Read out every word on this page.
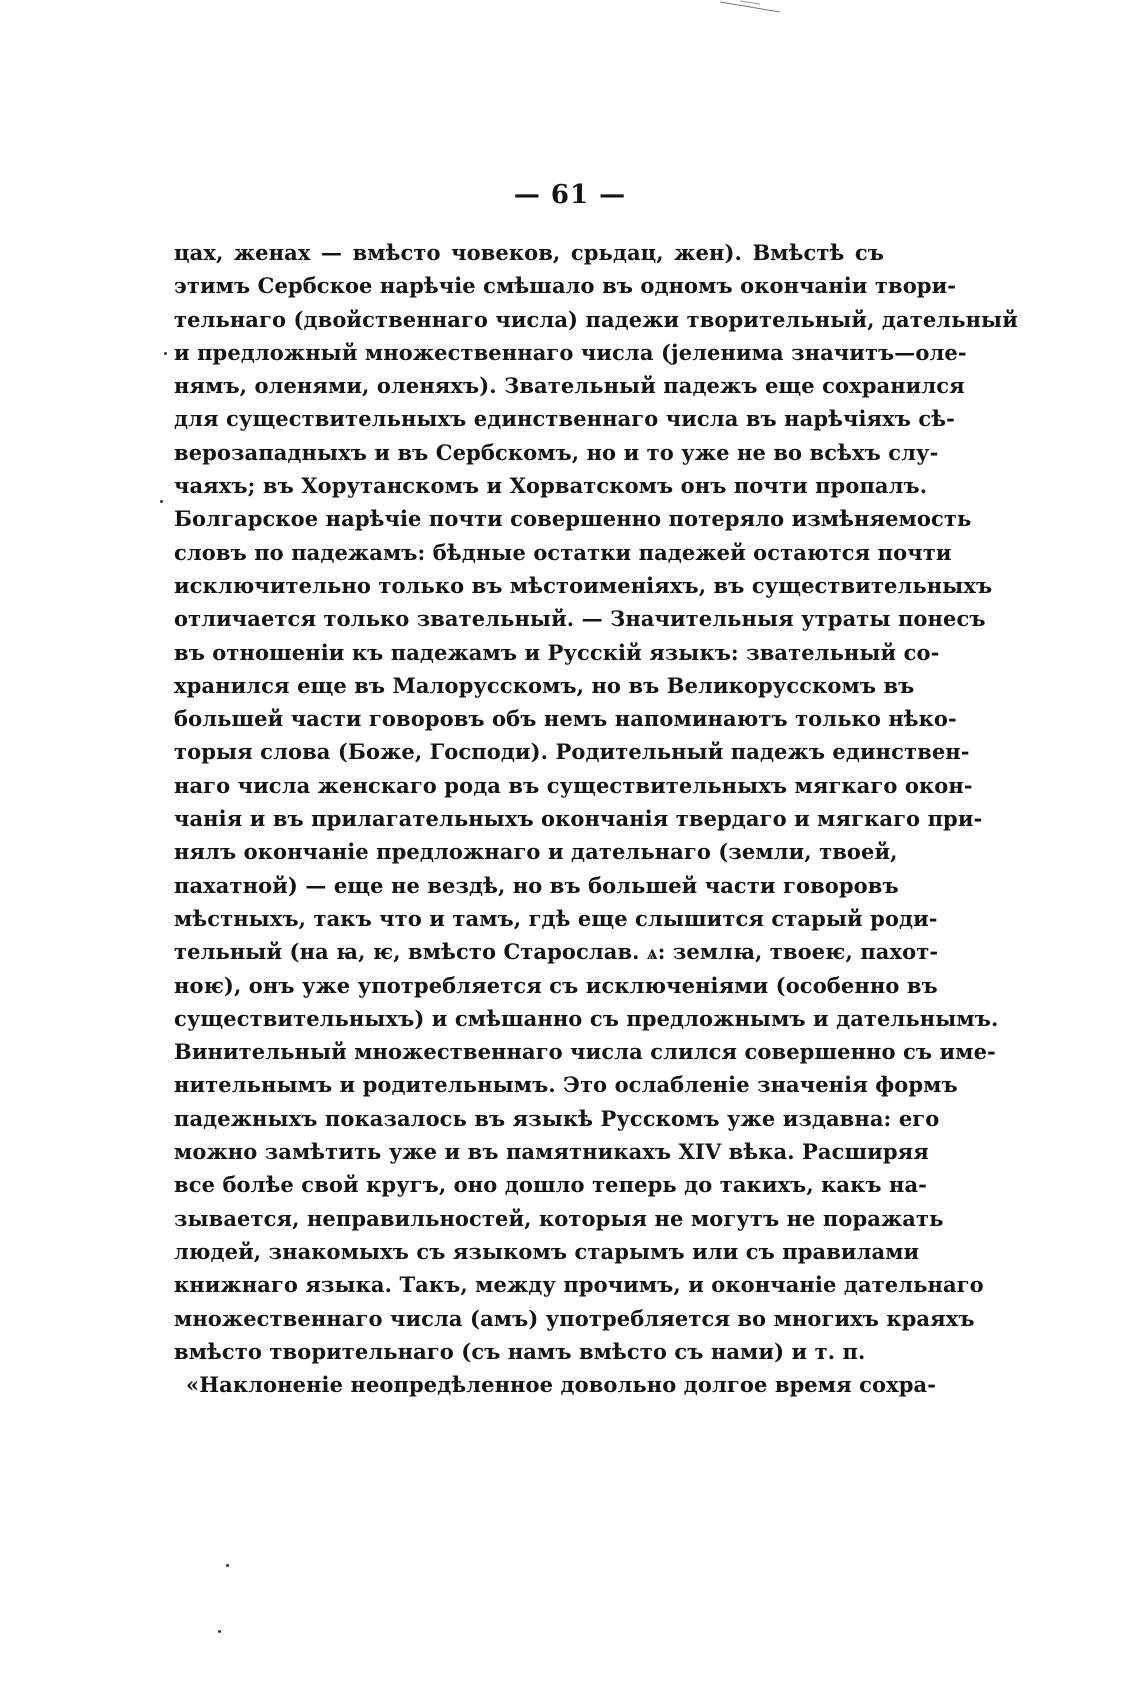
— 61 —
цах, женах — вмѣсто човеков, срьдац, жен). Вмѣстѣ съ
этимъ Сербское нарѣчіе смѣшало въ одномъ окончаніи твори-
тельнаго (двойственнаго числа) падежи творительный, дательный
и предложный множественнаго числа (јеленима значитъ—оле-
нямъ, оленями, оленяхъ). Звательный падежъ еще сохранился
для существительныхъ единственнаго числа въ нарѣчіяхъ сѣ-
верозападныхъ и въ Сербскомъ, но и то уже не во всѣхъ слу-
чаяхъ; въ Хорутанскомъ и Хорватскомъ онъ почти пропалъ.
Болгарское нарѣчіе почти совершенно потеряло измѣняемость
словъ по падежамъ: бѣдные остатки падежей остаются почти
исключительно только въ мѣстоименіяхъ, въ существительныхъ
отличается только звательный. — Значительныя утраты понесъ
въ отношеніи къ падежамъ и Русскій языкъ: звательный со-
хранился еще въ Малорусскомъ, но въ Великорусскомъ въ
большей части говоровъ объ немъ напоминаютъ только нѣко-
торыя слова (Боже, Господи). Родительный падежъ единствен-
наго числа женскаго рода въ существительныхъ мягкаго окон-
чанія и въ прилагательныхъ окончанія твердаго и мягкаго при-
нялъ окончаніе предложнаго и дательнаго (земли, твоей,
пахатной) — еще не вездѣ, но въ большей части говоровъ
мѣстныхъ, такъ что и тамъ, гдѣ еще слышится старый роди-
тельный (на ꙗ, ѥ, вмѣсто Старослав. ѧ: землꙗ, твоеѥ, пахот-
ноѥ), онъ уже употребляется съ исключеніями (особенно въ
существительныхъ) и смѣшанно съ предложнымъ и дательнымъ.
Винительный множественнаго числа слился совершенно съ име-
нительнымъ и родительнымъ. Это ослабленіе значенія формъ
падежныхъ показалось въ языкѣ Русскомъ уже издавна: его
можно замѣтить уже и въ памятникахъ XIV вѣка. Расширяя
все болѣе свой кругъ, оно дошло теперь до такихъ, какъ на-
зывается, неправильностей, которыя не могутъ не поражать
людей, знакомыхъ съ языкомъ старымъ или съ правилами
книжнаго языка. Такъ, между прочимъ, и окончаніе дательнаго
множественнаго числа (амъ) употребляется во многихъ краяхъ
вмѣсто творительнаго (съ намъ вмѣсто съ нами) и т. п.
«Наклоненіе неопредѣленное довольно долгое время сохра-
